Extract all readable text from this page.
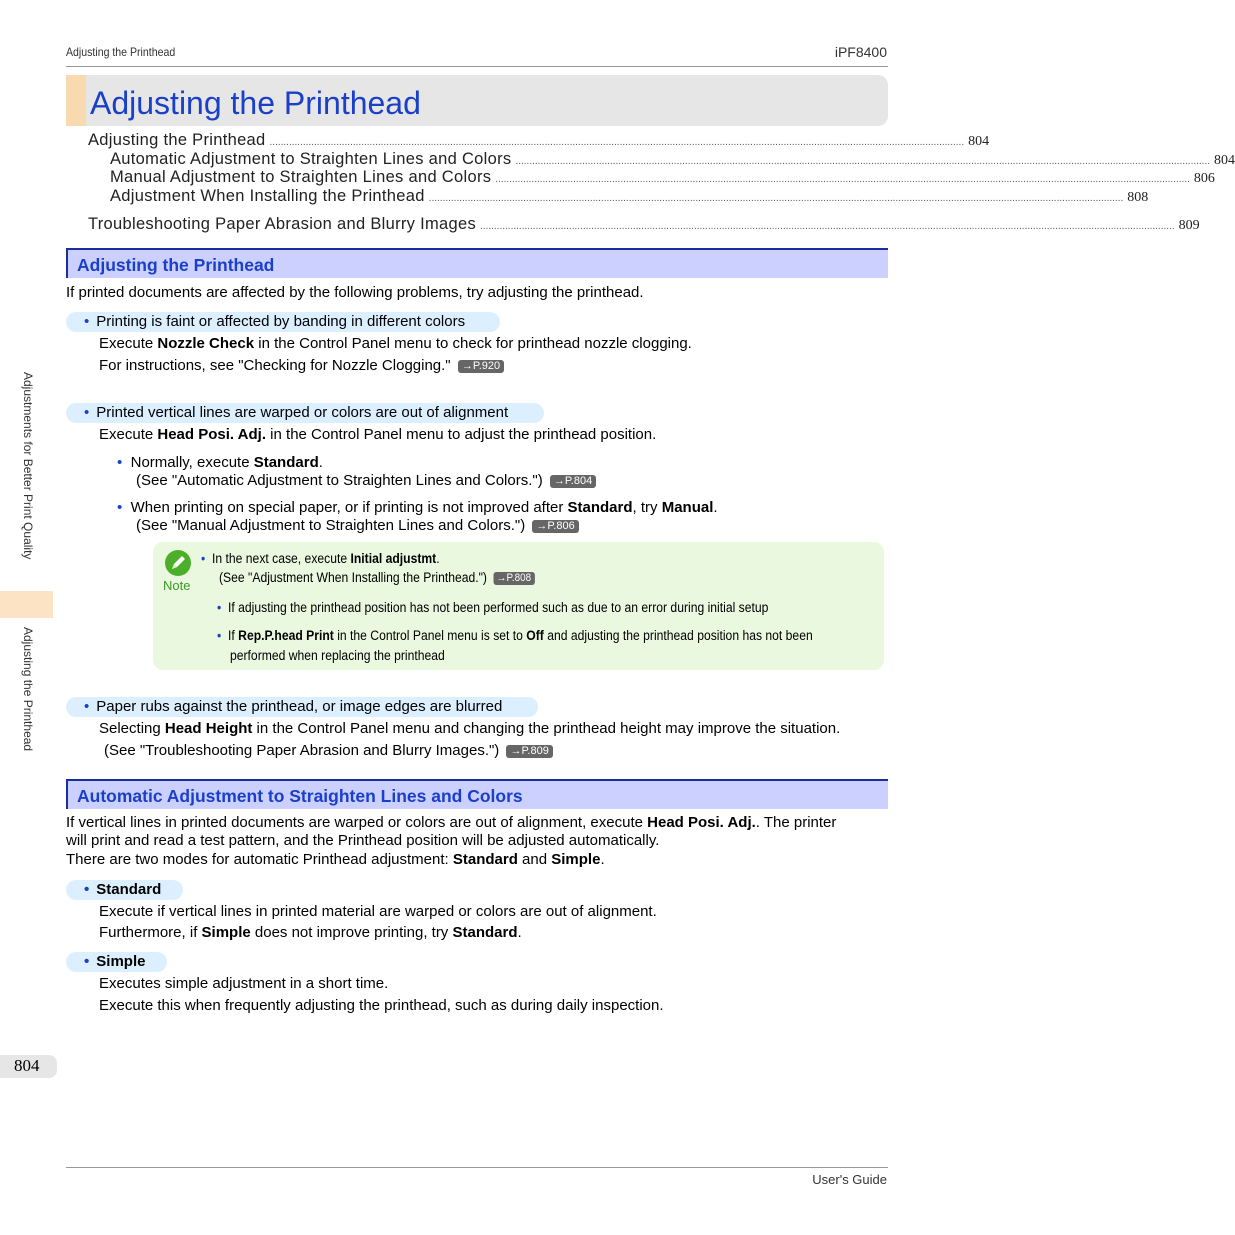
Adjusting the Printhead	iPF8400
Adjusting the Printhead
Adjusting the Printhead .......................................................................................................................................................................................................................................................... 804
Automatic Adjustment to Straighten Lines and Colors .......................................................................................................................................................................................................................................................... 804
Manual Adjustment to Straighten Lines and Colors .......................................................................................................................................................................................................................................................... 806
Adjustment When Installing the Printhead .......................................................................................................................................................................................................................................................... 808
Troubleshooting Paper Abrasion and Blurry Images .......................................................................................................................................................................................................................................................... 809
Adjusting the Printhead
If printed documents are affected by the following problems, try adjusting the printhead.
• Printing is faint or affected by banding in different colors
Execute Nozzle Check in the Control Panel menu to check for printhead nozzle clogging.
For instructions, see "Checking for Nozzle Clogging." →P.920
• Printed vertical lines are warped or colors are out of alignment
Execute Head Posi. Adj. in the Control Panel menu to adjust the printhead position.
• Normally, execute Standard.
(See "Automatic Adjustment to Straighten Lines and Colors.") →P.804
• When printing on special paper, or if printing is not improved after Standard, try Manual.
(See "Manual Adjustment to Straighten Lines and Colors.") →P.806
Note
• In the next case, execute Initial adjustmt.
(See "Adjustment When Installing the Printhead.") →P.808
• If adjusting the printhead position has not been performed such as due to an error during initial setup
• If Rep.P.head Print in the Control Panel menu is set to Off and adjusting the printhead position has not been
performed when replacing the printhead
• Paper rubs against the printhead, or image edges are blurred
Selecting Head Height in the Control Panel menu and changing the printhead height may improve the situation.
(See "Troubleshooting Paper Abrasion and Blurry Images.") →P.809
Automatic Adjustment to Straighten Lines and Colors
If vertical lines in printed documents are warped or colors are out of alignment, execute Head Posi. Adj.. The printer
will print and read a test pattern, and the Printhead position will be adjusted automatically.
There are two modes for automatic Printhead adjustment: Standard and Simple.
• Standard
Execute if vertical lines in printed material are warped or colors are out of alignment.
Furthermore, if Simple does not improve printing, try Standard.
• Simple
Executes simple adjustment in a short time.
Execute this when frequently adjusting the printhead, such as during daily inspection.
Adjustments for Better Print Quality
Adjusting the Printhead
804
User's Guide
